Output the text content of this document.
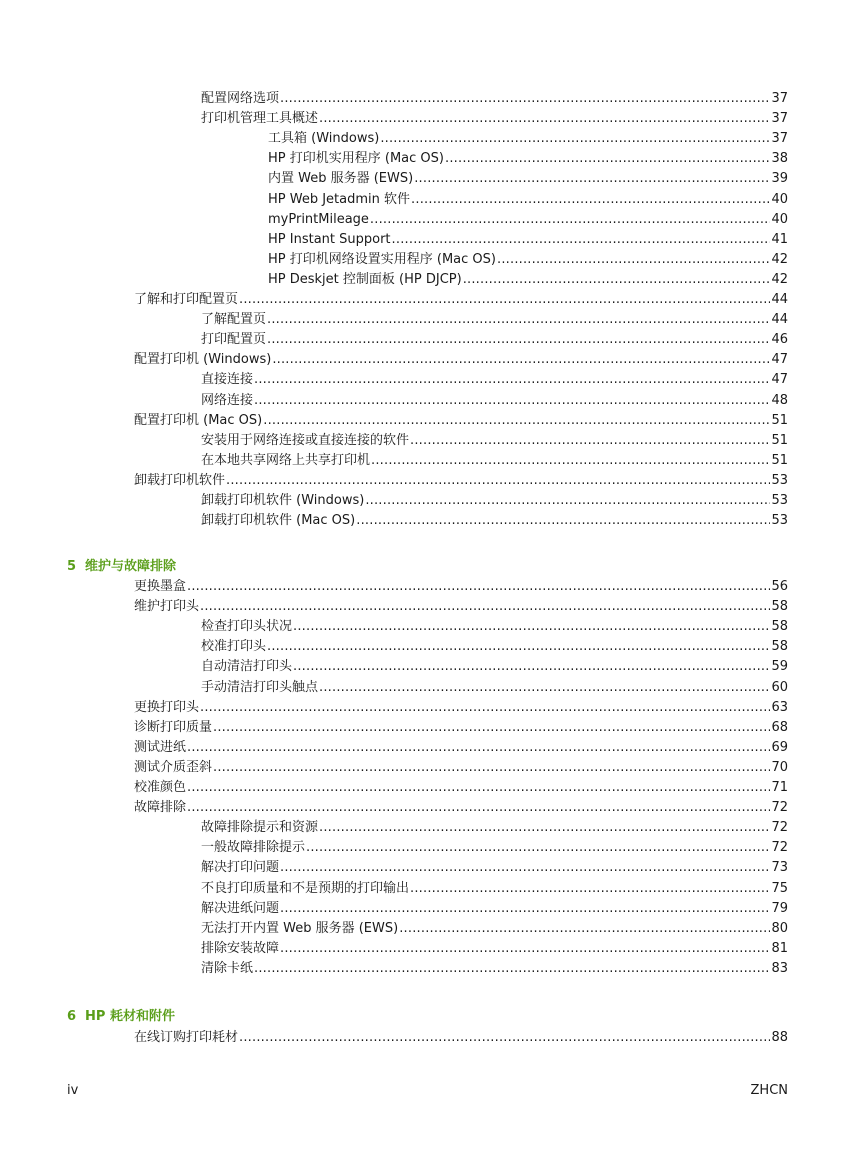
配置网络选项 .....	37
打印机管理工具概述 .....	37
工具箱 (Windows) .....	37
HP 打印机实用程序 (Mac OS) .....	38
内置 Web 服务器 (EWS) .....	39
HP Web Jetadmin 软件 .....	40
myPrintMileage .....	40
HP Instant Support .....	41
HP 打印机网络设置实用程序 (Mac OS) .....	42
HP Deskjet 控制面板 (HP DJCP) .....	42
了解和打印配置页 .....	44
了解配置页 .....	44
打印配置页 .....	46
配置打印机 (Windows) .....	47
直接连接 .....	47
网络连接 .....	48
配置打印机 (Mac OS) .....	51
安装用于网络连接或直接连接的软件 .....	51
在本地共享网络上共享打印机 .....	51
卸载打印机软件 .....	53
卸载打印机软件 (Windows) .....	53
卸载打印机软件 (Mac OS) .....	53
5 维护与故障排除
更换墨盒 .....	56
维护打印头 .....	58
检查打印头状况 .....	58
校准打印头 .....	58
自动清洁打印头 .....	59
手动清洁打印头触点 .....	60
更换打印头 .....	63
诊断打印质量 .....	68
测试进纸 .....	69
测试介质歪斜 .....	70
校准颜色 .....	71
故障排除 .....	72
故障排除提示和资源 .....	72
一般故障排除提示 .....	72
解决打印问题 .....	73
不良打印质量和不是预期的打印输出 .....	75
解决进纸问题 .....	79
无法打开内置 Web 服务器 (EWS) .....	80
排除安装故障 .....	81
清除卡纸 .....	83
6 HP 耗材和附件
在线订购打印耗材 .....	88
iv	ZHCN
